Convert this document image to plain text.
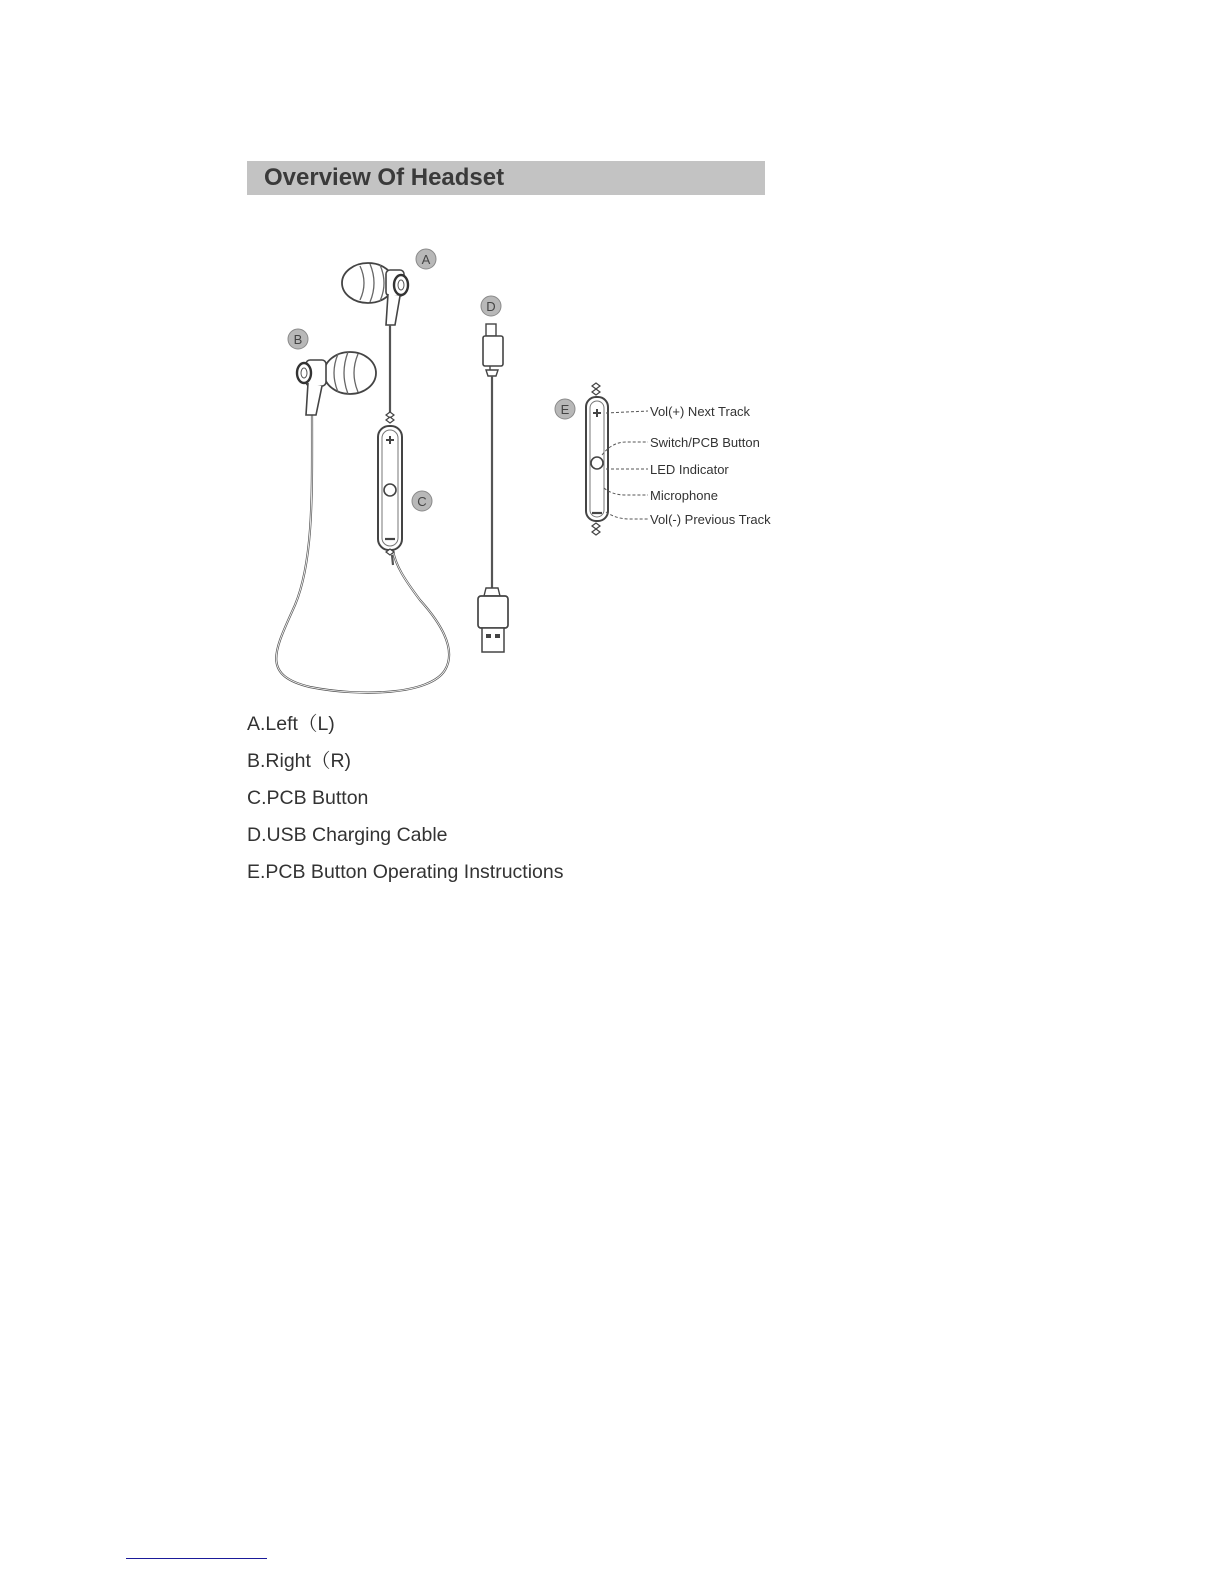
Overview Of Headset
Vol(+) Next Track
Switch/PCB Button
LED Indicator
Microphone
Vol(-) Previous Track
A
B
C
D
E
A.Left（L)
B.Right（R)
C.PCB Button
D.USB Charging Cable
E.PCB Button Operating Instructions
